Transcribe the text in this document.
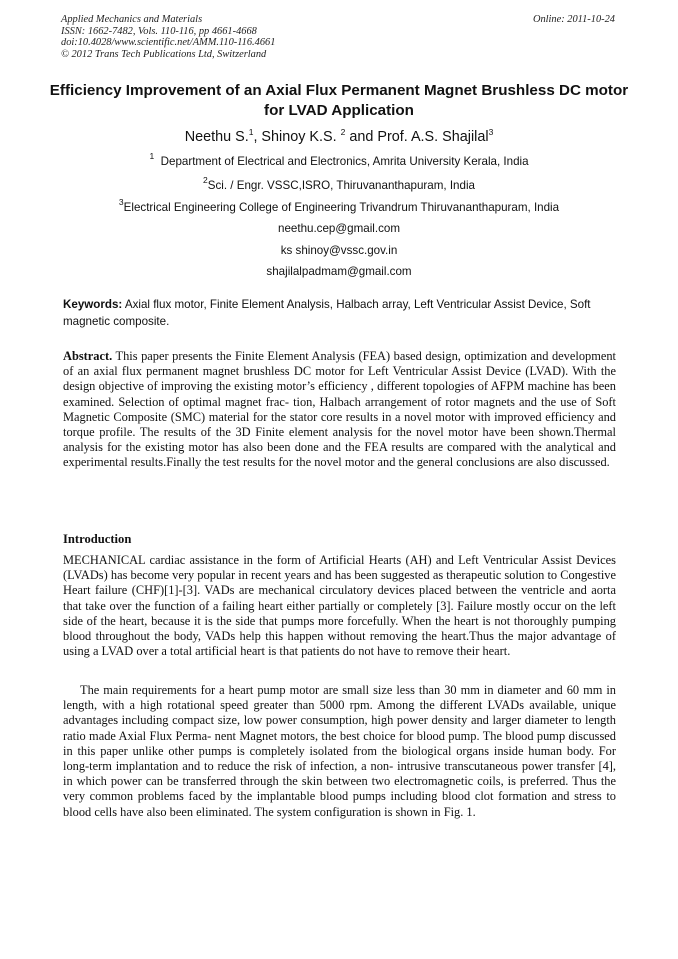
Applied Mechanics and Materials
ISSN: 1662-7482, Vols. 110-116, pp 4661-4668
doi:10.4028/www.scientific.net/AMM.110-116.4661
© 2012 Trans Tech Publications Ltd, Switzerland
Online: 2011-10-24
Efficiency Improvement of an Axial Flux Permanent Magnet Brushless DC motor for LVAD Application
Neethu S.$^1$, Shinoy K.S. $^2$ and Prof. A.S. Shajilal$^3$
$^1$ Department of Electrical and Electronics, Amrita University Kerala, India
$^2$Sci. / Engr. VSSC,ISRO, Thiruvananthapuram, India
$^3$Electrical Engineering College of Engineering Trivandrum Thiruvananthapuram, India
neethu.cep@gmail.com
ks shinoy@vssc.gov.in
shajilalpadmam@gmail.com
Keywords: Axial flux motor, Finite Element Analysis, Halbach array, Left Ventricular Assist Device, Soft magnetic composite.
Abstract. This paper presents the Finite Element Analysis (FEA) based design, optimization and development of an axial flux permanent magnet brushless DC motor for Left Ventricular Assist Device (LVAD). With the design objective of improving the existing motor’s efficiency , different topologies of AFPM machine has been examined. Selection of optimal magnet frac- tion, Halbach arrangement of rotor magnets and the use of Soft Magnetic Composite (SMC) material for the stator core results in a novel motor with improved efficiency and torque profile. The results of the 3D Finite element analysis for the novel motor have been shown.Thermal analysis for the existing motor has also been done and the FEA results are compared with the analytical and experimental results.Finally the test results for the novel motor and the general conclusions are also discussed.
Introduction
MECHANICAL cardiac assistance in the form of Artificial Hearts (AH) and Left Ventricular Assist Devices (LVADs) has become very popular in recent years and has been suggested as therapeutic solution to Congestive Heart failure (CHF)[1]-[3]. VADs are mechanical circulatory devices placed between the ventricle and aorta that take over the function of a failing heart either partially or completely [3]. Failure mostly occur on the left side of the heart, because it is the side that pumps more forcefully. When the heart is not thoroughly pumping blood throughout the body, VADs help this happen without removing the heart.Thus the major advantage of using a LVAD over a total artificial heart is that patients do not have to remove their heart.
The main requirements for a heart pump motor are small size less than 30 mm in diameter and 60 mm in length, with a high rotational speed greater than 5000 rpm. Among the different LVADs available, unique advantages including compact size, low power consumption, high power density and larger diameter to length ratio made Axial Flux Perma- nent Magnet motors, the best choice for blood pump. The blood pump discussed in this paper unlike other pumps is completely isolated from the biological organs inside human body. For long-term implantation and to reduce the risk of infection, a non- intrusive transcutaneous power transfer [4], in which power can be transferred through the skin between two electromagnetic coils, is preferred. Thus the very common problems faced by the implantable blood pumps including blood clot formation and stress to blood cells have also been eliminated. The system configuration is shown in Fig. 1.
